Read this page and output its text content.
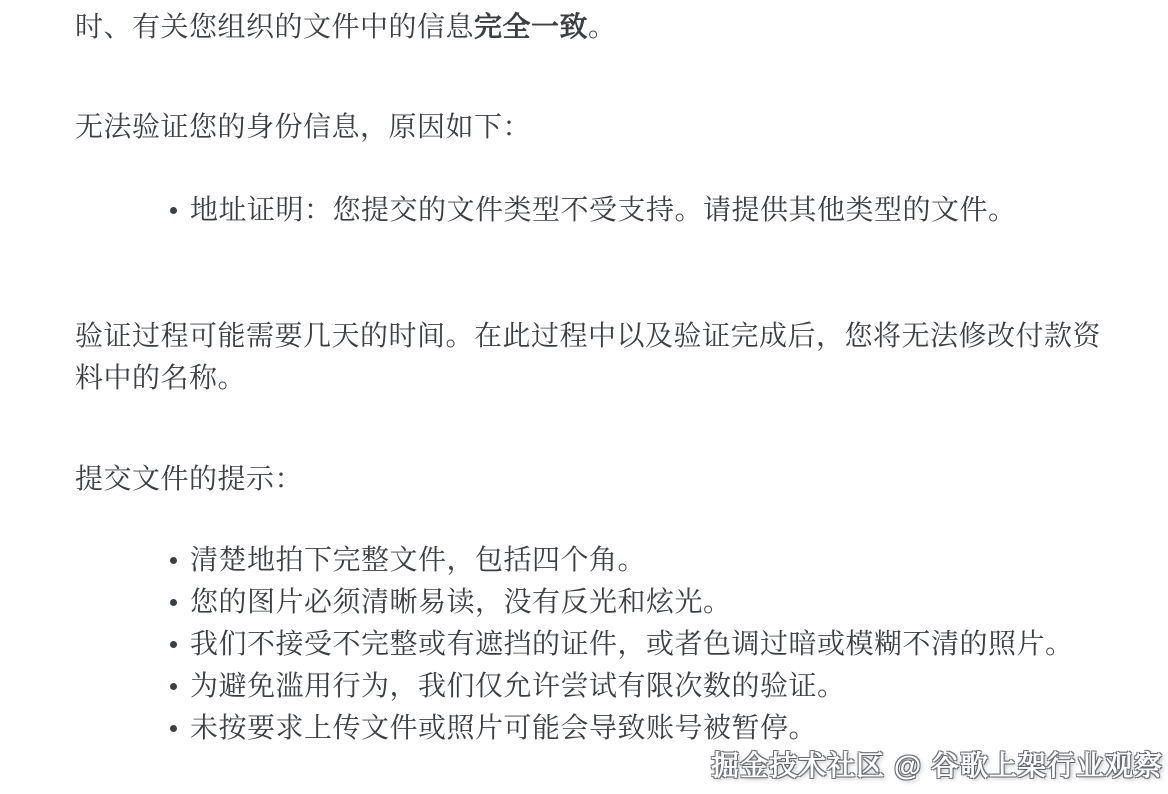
时、有关您组织的文件中的信息完全一致。

无法验证您的身份信息，原因如下：

地址证明：您提交的文件类型不受支持。请提供其他类型的文件。

验证过程可能需要几天的时间。在此过程中以及验证完成后，您将无法修改付款资料中的名称。

提交文件的提示：

清楚地拍下完整文件，包括四个角。
您的图片必须清晰易读，没有反光和炫光。
我们不接受不完整或有遮挡的证件，或者色调过暗或模糊不清的照片。
为避免滥用行为，我们仅允许尝试有限次数的验证。
未按要求上传文件或照片可能会导致账号被暂停。
掘金技术社区 @ 谷歌上架行业观察
